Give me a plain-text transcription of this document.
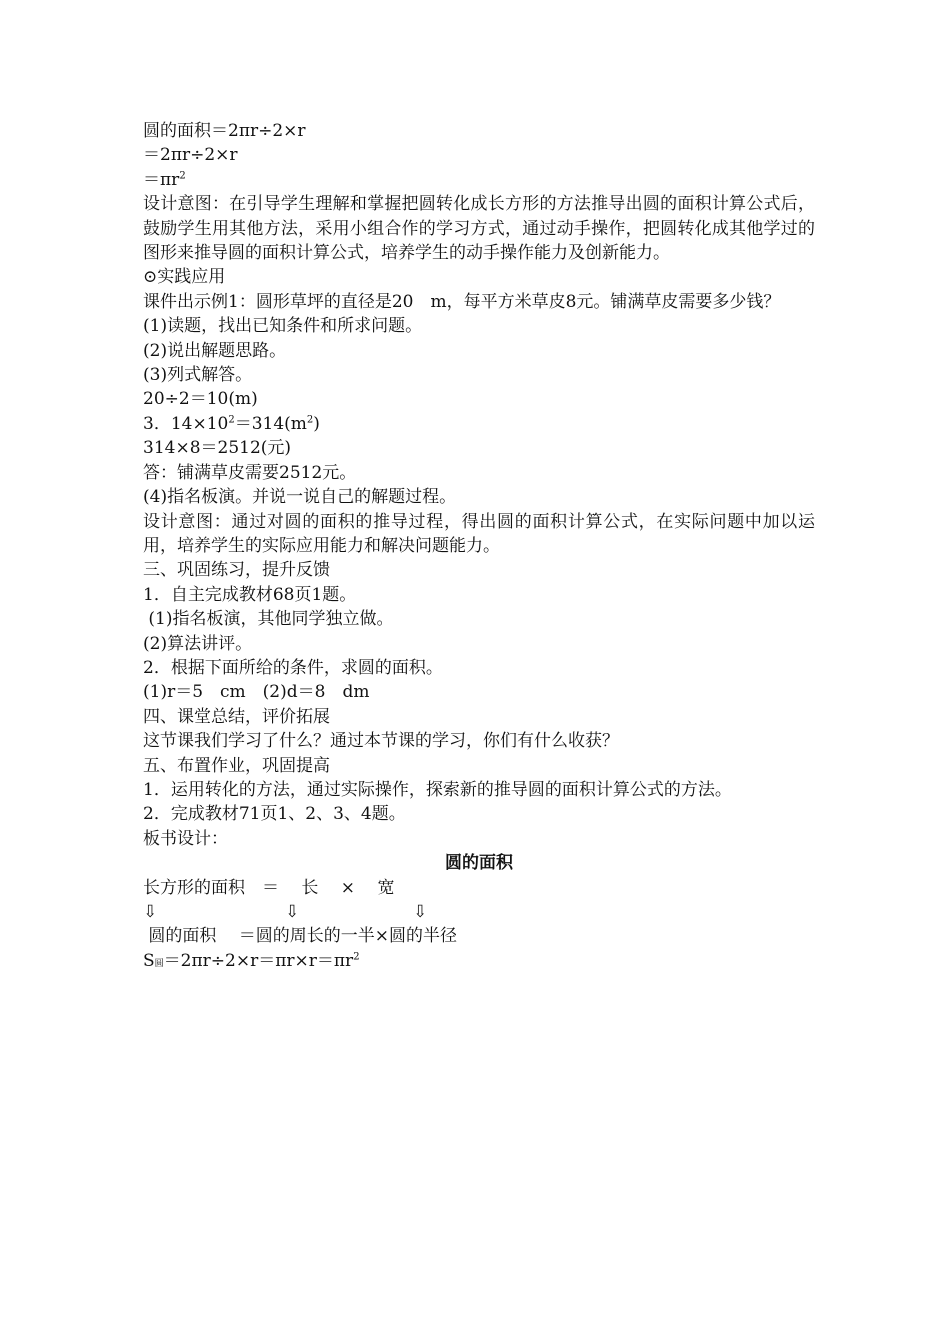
圆的面积＝2πr÷2×r

＝2πr÷2×r

$=\pi r^2$

设计意图：在引导学生理解和掌握把圆转化成长方形的方法推导出圆的面积计算公式后，鼓励学生用其他方法，采用小组合作的学习方式，通过动手操作，把圆转化成其他学过的图形来推导圆的面积计算公式，培养学生的动手操作能力及创新能力。

⊙实践应用

课件出示例1：圆形草坪的直径是20　m，每平方米草皮8元。铺满草皮需要多少钱？

(1)读题，找出已知条件和所求问题。

(2)说出解题思路。

(3)列式解答。

20÷2＝10(m)

3．$14\times 10^2=314(m^2)$

314×8＝2512(元)

答：铺满草皮需要2512元。

(4)指名板演。并说一说自己的解题过程。

设计意图：通过对圆的面积的推导过程，得出圆的面积计算公式，在实际问题中加以运用，培养学生的实际应用能力和解决问题能力。

三、巩固练习，提升反馈

1．自主完成教材68页1题。

(1)指名板演，其他同学独立做。

(2)算法讲评。

2．根据下面所给的条件，求圆的面积。

(1)r＝5　cm　(2)d＝8　dm

四、课堂总结，评价拓展

这节课我们学习了什么？通过本节课的学习，你们有什么收获？

五、布置作业，巩固提高

1．运用转化的方法，通过实际操作，探索新的推导圆的面积计算公式的方法。

2．完成教材71页1、2、3、4题。

板书设计：

圆的面积

长方形的面积　＝　 长　 ×　 宽

⇩	⇩	⇩

圆的面积　 ＝圆的周长的一半×圆的半径

S圆$=2\pi r\div 2\times r=\pi r\times r=\pi r^2$
